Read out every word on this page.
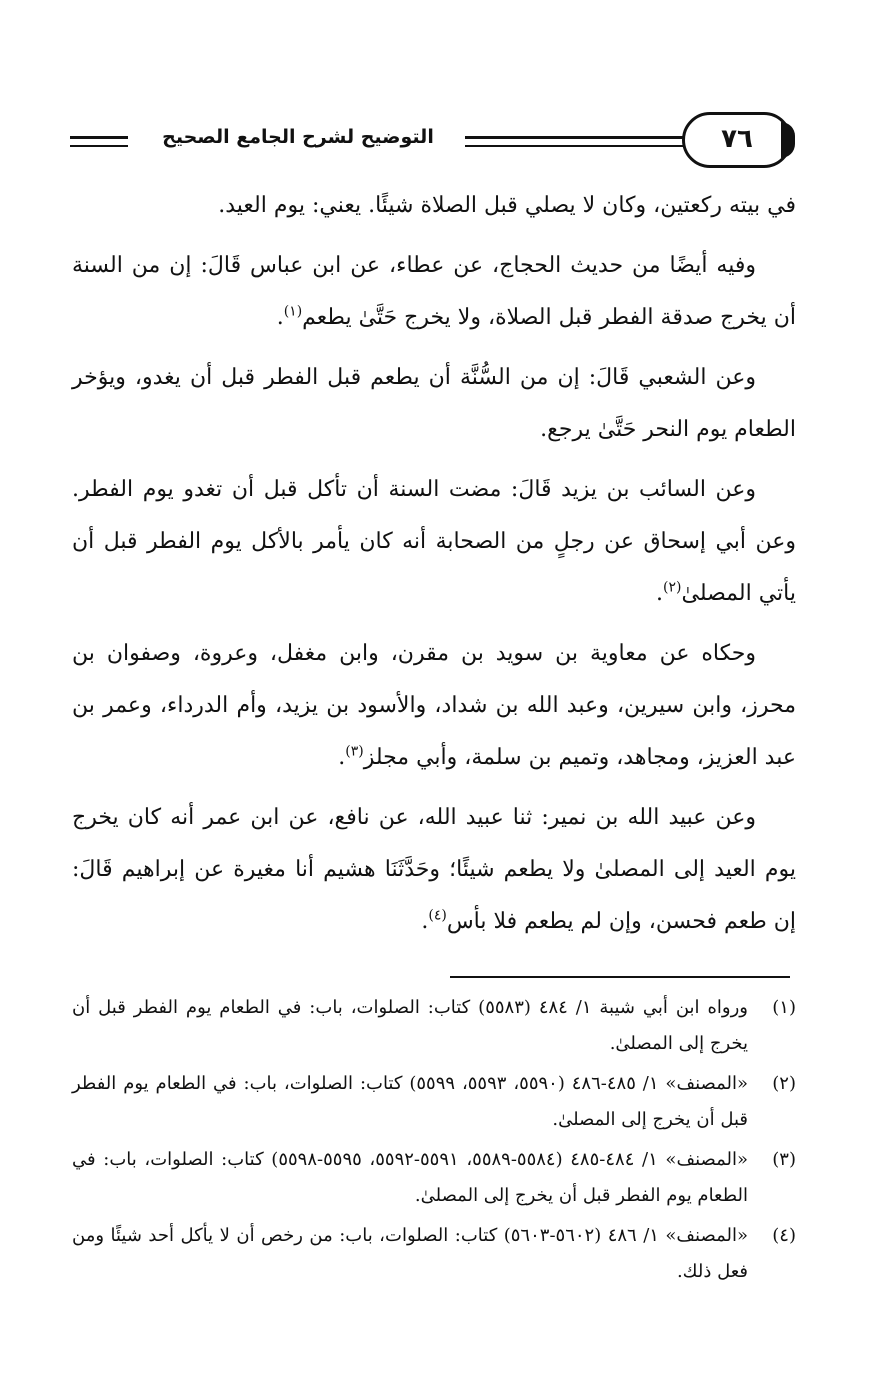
التوضيح لشرح الجامع الصحيح	٧٦

في بيته ركعتين، وكان لا يصلي قبل الصلاة شيئًا. يعني: يوم العيد.

وفيه أيضًا من حديث الحجاج، عن عطاء، عن ابن عباس قَالَ: إن من السنة أن يخرج صدقة الفطر قبل الصلاة، ولا يخرج حَتَّىٰ يطعم$^{(١)}$.

وعن الشعبي قَالَ: إن من السُّنَّة أن يطعم قبل الفطر قبل أن يغدو، ويؤخر الطعام يوم النحر حَتَّىٰ يرجع.

وعن السائب بن يزيد قَالَ: مضت السنة أن تأكل قبل أن تغدو يوم الفطر. وعن أبي إسحاق عن رجلٍ من الصحابة أنه كان يأمر بالأكل يوم الفطر قبل أن يأتي المصلىٰ$^{(٢)}$.

وحكاه عن معاوية بن سويد بن مقرن، وابن مغفل، وعروة، وصفوان بن محرز، وابن سيرين، وعبد الله بن شداد، والأسود بن يزيد، وأم الدرداء، وعمر بن عبد العزيز، ومجاهد، وتميم بن سلمة، وأبي مجلز$^{(٣)}$.

وعن عبيد الله بن نمير: ثنا عبيد الله، عن نافع، عن ابن عمر أنه كان يخرج يوم العيد إلى المصلىٰ ولا يطعم شيئًا؛ وحَدَّثَنَا هشيم أنا مغيرة عن إبراهيم قَالَ: إن طعم فحسن، وإن لم يطعم فلا بأس$^{(٤)}$.

(١)
ورواه ابن أبي شيبة ١/ ٤٨٤ (٥٥٨٣) كتاب: الصلوات، باب: في الطعام يوم الفطر قبل أن يخرج إلى المصلىٰ.
(٢)
«المصنف» ١/ ٤٨٥-٤٨٦ (٥٥٩٠، ٥٥٩٣، ٥٥٩٩) كتاب: الصلوات، باب: في الطعام يوم الفطر قبل أن يخرج إلى المصلىٰ.
(٣)
«المصنف» ١/ ٤٨٤-٤٨٥ (٥٥٨٤-٥٥٨٩، ٥٥٩١-٥٥٩٢، ٥٥٩٥-٥٥٩٨) كتاب: الصلوات، باب: في الطعام يوم الفطر قبل أن يخرج إلى المصلىٰ.
(٤)
«المصنف» ١/ ٤٨٦ (٥٦٠٢-٥٦٠٣) كتاب: الصلوات، باب: من رخص أن لا يأكل أحد شيئًا ومن فعل ذلك.
